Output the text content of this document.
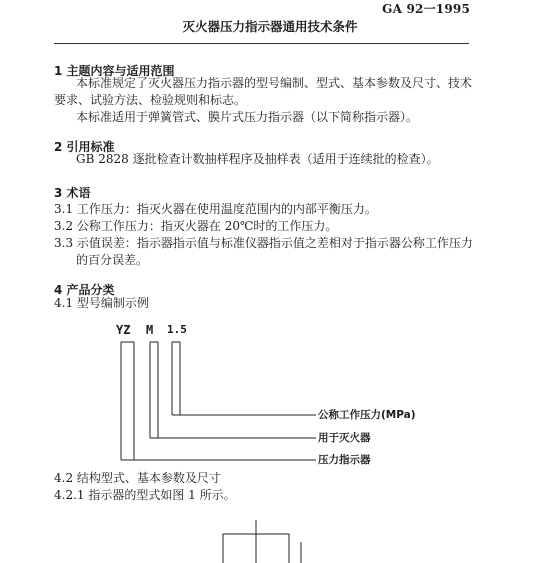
GA 92一1995
灭火器压力指示器通用技术条件
1 主题内容与适用范围
本标准规定了灭火器压力指示器的型号编制、型式、基本参数及尺寸、技术
要求、试验方法、检验规则和标志。
本标准适用于弹簧管式、膜片式压力指示器（以下简称指示器）。
2 引用标准
GB 2828 逐批检查计数抽样程序及抽样表（适用于连续批的检查）。
3 术语
3.1 工作压力：指灭火器在使用温度范围内的内部平衡压力。
3.2 公称工作压力：指灭火器在 20℃时的工作压力。
3.3 示值误差：指示器指示值与标准仪器指示值之差相对于指示器公称工作压力
的百分误差。
4 产品分类
4.1 型号编制示例
YZ M 1.5
公称工作压力(MPa)
用于灭火器
压力指示器
4.2 结构型式、基本参数及尺寸
4.2.1 指示器的型式如图 1 所示。
